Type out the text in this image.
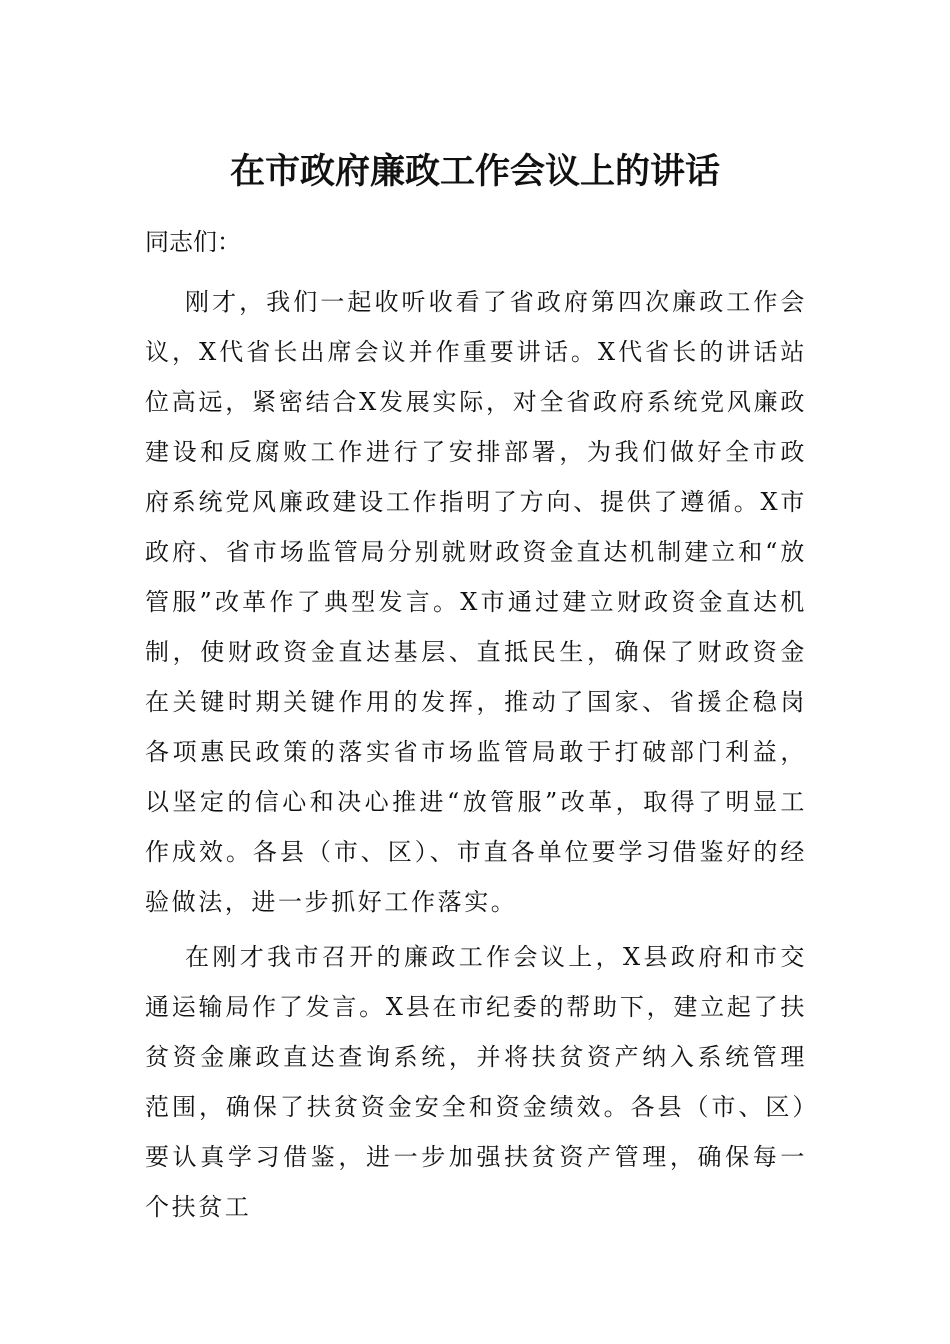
在市政府廉政工作会议上的讲话
同志们：

刚才，我们一起收听收看了省政府第四次廉政工作会议，X代省长出席会议并作重要讲话。X代省长的讲话站位高远，紧密结合X发展实际，对全省政府系统党风廉政建设和反腐败工作进行了安排部署，为我们做好全市政府系统党风廉政建设工作指明了方向、提供了遵循。X市政府、省市场监管局分别就财政资金直达机制建立和“放管服”改革作了典型发言。X市通过建立财政资金直达机制，使财政资金直达基层、直抵民生，确保了财政资金在关键时期关键作用的发挥，推动了国家、省援企稳岗各项惠民政策的落实省市场监管局敢于打破部门利益，以坚定的信心和决心推进“放管服”改革，取得了明显工作成效。各县（市、区）、市直各单位要学习借鉴好的经验做法，进一步抓好工作落实。

在刚才我市召开的廉政工作会议上，X县政府和市交通运输局作了发言。X县在市纪委的帮助下，建立起了扶贫资金廉政直达查询系统，并将扶贫资产纳入系统管理范围，确保了扶贫资金安全和资金绩效。各县（市、区）要认真学习借鉴，进一步加强扶贫资产管理，确保每一个扶贫工
